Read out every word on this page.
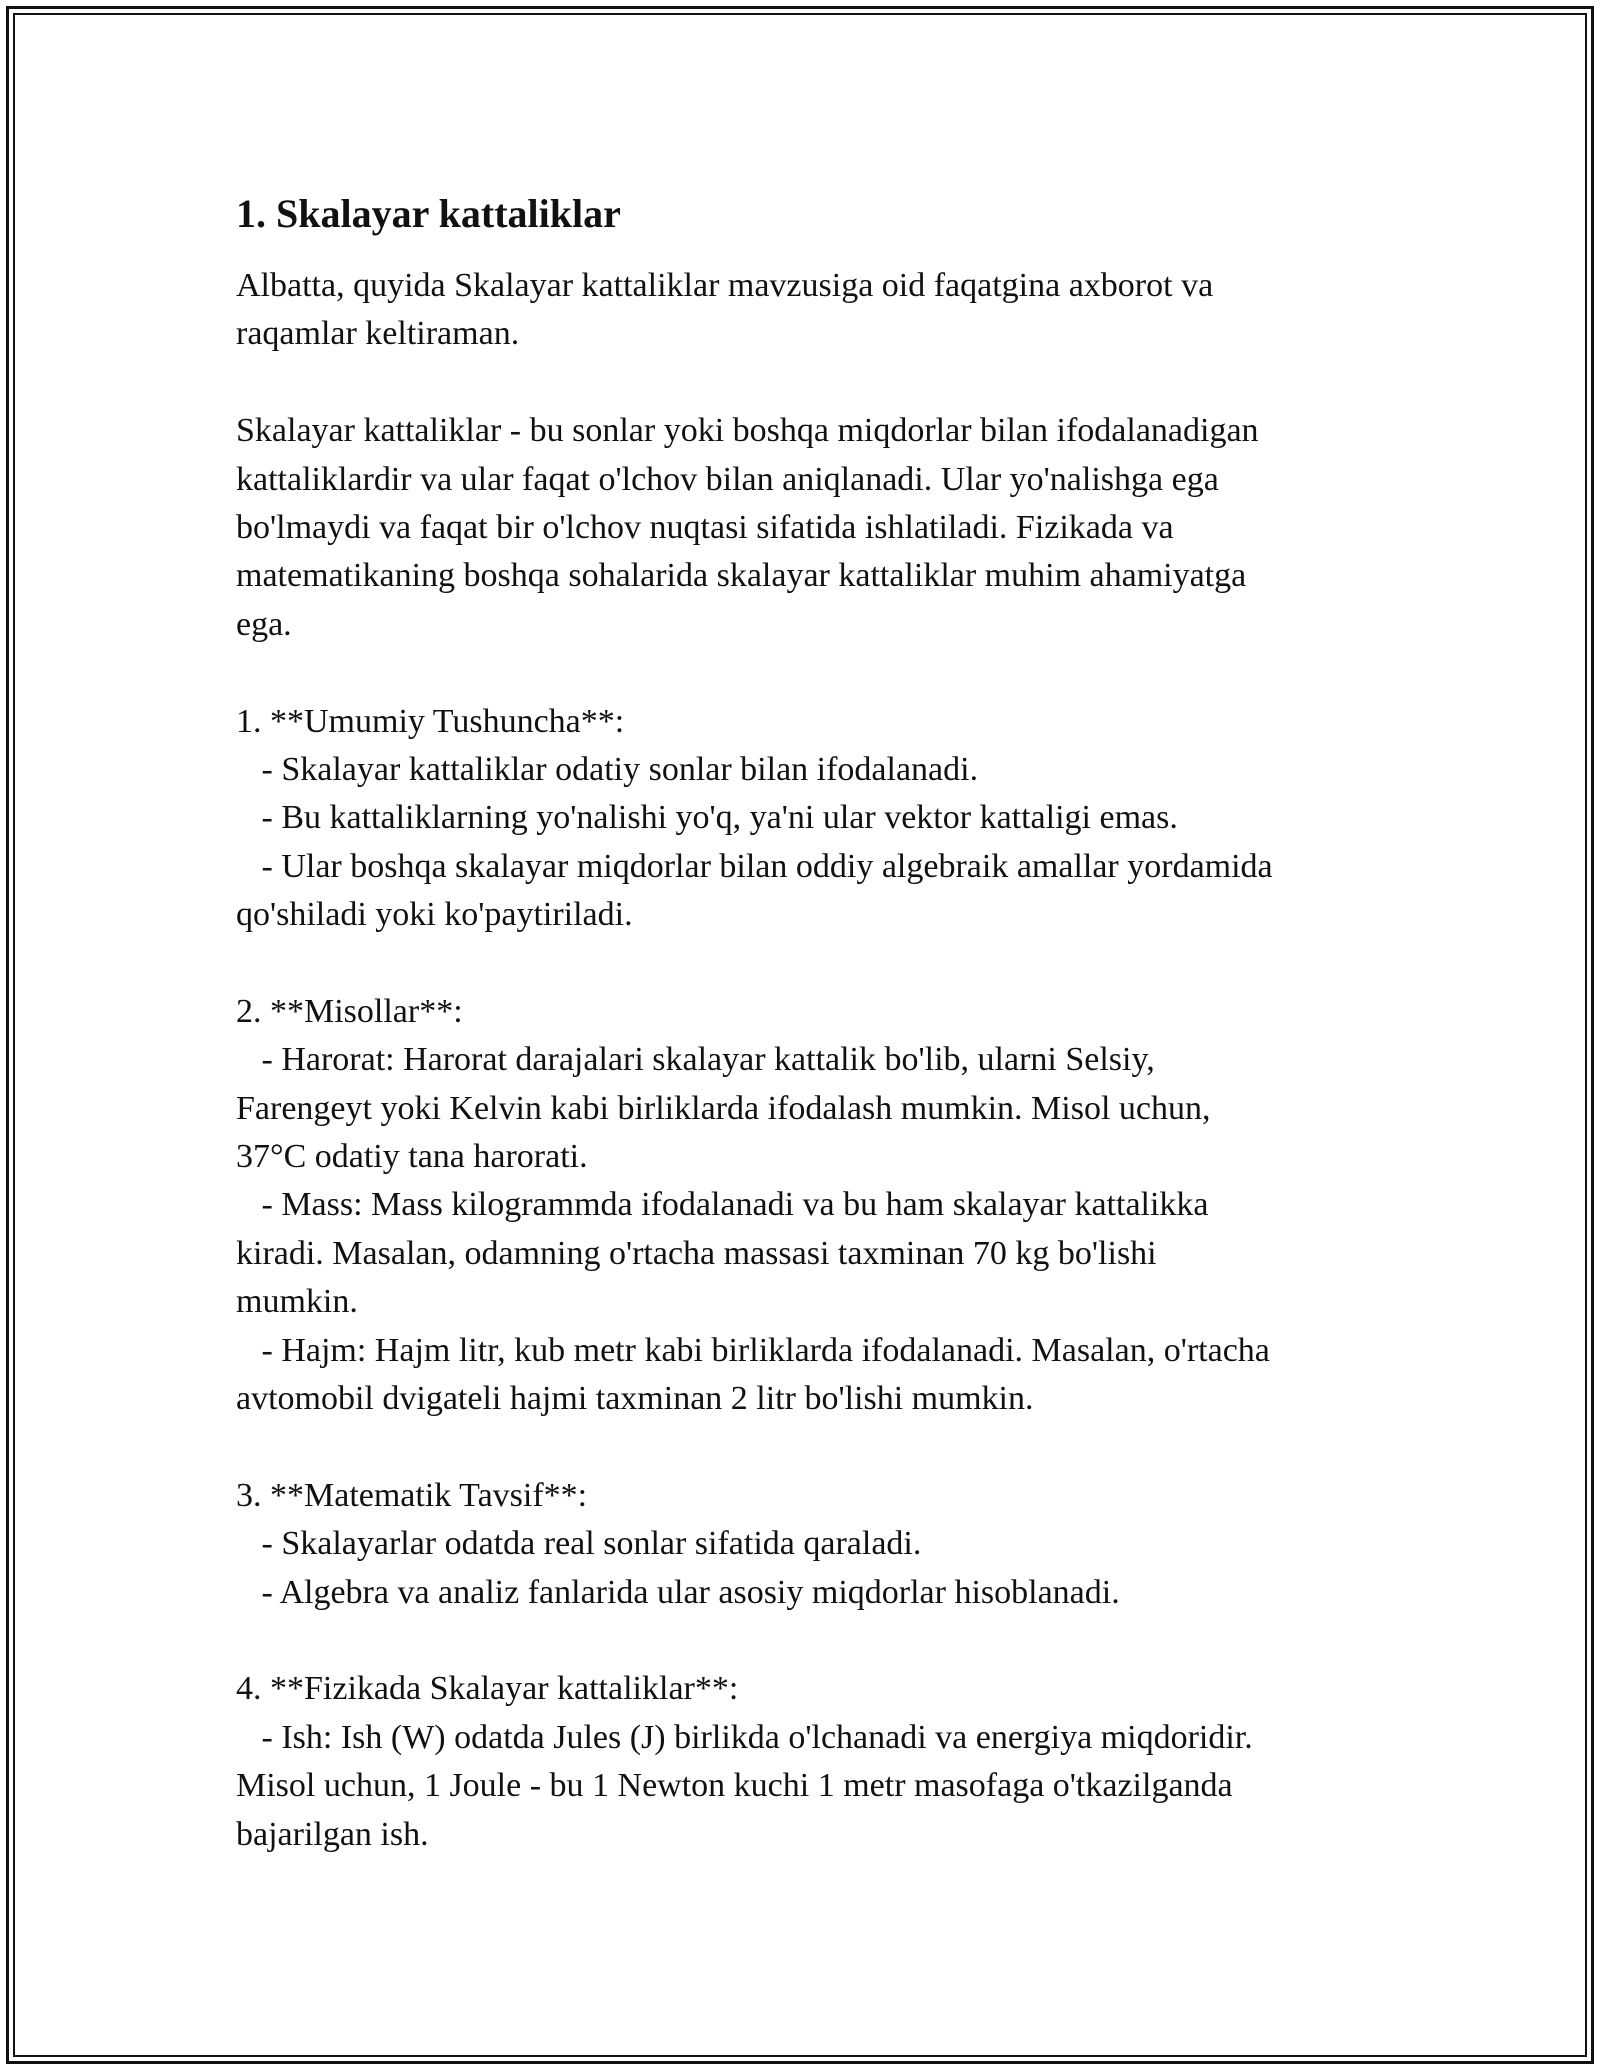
1. Skalayar kattaliklar
Albatta, quyida Skalayar kattaliklar mavzusiga oid faqatgina axborot va
raqamlar keltiraman.
Skalayar kattaliklar - bu sonlar yoki boshqa miqdorlar bilan ifodalanadigan
kattaliklardir va ular faqat o'lchov bilan aniqlanadi. Ular yo'nalishga ega
bo'lmaydi va faqat bir o'lchov nuqtasi sifatida ishlatiladi. Fizikada va
matematikaning boshqa sohalarida skalayar kattaliklar muhim ahamiyatga
ega.
1. **Umumiy Tushuncha**:
- Skalayar kattaliklar odatiy sonlar bilan ifodalanadi.
- Bu kattaliklarning yo'nalishi yo'q, ya'ni ular vektor kattaligi emas.
- Ular boshqa skalayar miqdorlar bilan oddiy algebraik amallar yordamida
qo'shiladi yoki ko'paytiriladi.
2. **Misollar**:
- Harorat: Harorat darajalari skalayar kattalik bo'lib, ularni Selsiy,
Farengeyt yoki Kelvin kabi birliklarda ifodalash mumkin. Misol uchun,
37°C odatiy tana harorati.
- Mass: Mass kilogrammda ifodalanadi va bu ham skalayar kattalikka
kiradi. Masalan, odamning o'rtacha massasi taxminan 70 kg bo'lishi
mumkin.
- Hajm: Hajm litr, kub metr kabi birliklarda ifodalanadi. Masalan, o'rtacha
avtomobil dvigateli hajmi taxminan 2 litr bo'lishi mumkin.
3. **Matematik Tavsif**:
- Skalayarlar odatda real sonlar sifatida qaraladi.
- Algebra va analiz fanlarida ular asosiy miqdorlar hisoblanadi.
4. **Fizikada Skalayar kattaliklar**:
- Ish: Ish (W) odatda Jules (J) birlikda o'lchanadi va energiya miqdoridir.
Misol uchun, 1 Joule - bu 1 Newton kuchi 1 metr masofaga o'tkazilganda
bajarilgan ish.
